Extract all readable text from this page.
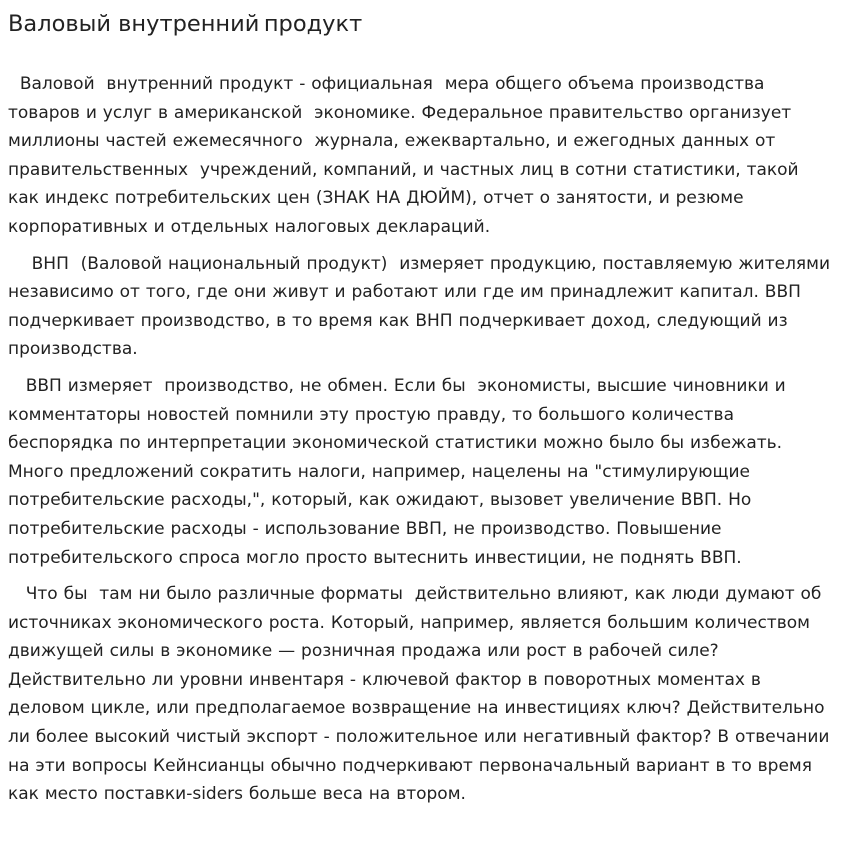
Валовый внутренний продукт

Валовой  внутренний продукт - официальная  мера общего объема производства товаров и услуг в американской  экономике. Федеральное правительство организует миллионы частей ежемесячного  журнала, ежеквартально, и ежегодных данных от правительственных  учреждений, компаний, и частных лиц в сотни статистики, такой как индекс потребительских цен (ЗНАК НА ДЮЙМ), отчет о занятости, и резюме корпоративных и отдельных налоговых деклараций.

ВНП  (Валовой национальный продукт)  измеряет продукцию, поставляемую жителями независимо от того, где они живут и работают или где им принадлежит капитал. ВВП подчеркивает производство, в то время как ВНП подчеркивает доход, следующий из производства.

ВВП измеряет  производство, не обмен. Если бы  экономисты, высшие чиновники и комментаторы новостей помнили эту простую правду, то большого количества беспорядка по интерпретации экономической статистики можно было бы избежать. Много предложений сократить налоги, например, нацелены на "стимулирующие потребительские расходы,", который, как ожидают, вызовет увеличение ВВП. Но потребительские расходы - использование ВВП, не производство. Повышение потребительского спроса могло просто вытеснить инвестиции, не поднять ВВП.

Что бы  там ни было различные форматы  действительно влияют, как люди думают об источниках экономического роста. Который, например, является большим количеством движущей силы в экономике — розничная продажа или рост в рабочей силе? Действительно ли уровни инвентаря - ключевой фактор в поворотных моментах в деловом цикле, или предполагаемое возвращение на инвестициях ключ? Действительно ли более высокий чистый экспорт - положительное или негативный фактор? В отвечании на эти вопросы Кейнсианцы обычно подчеркивают первоначальный вариант в то время как место поставки-siders больше веса на втором.
